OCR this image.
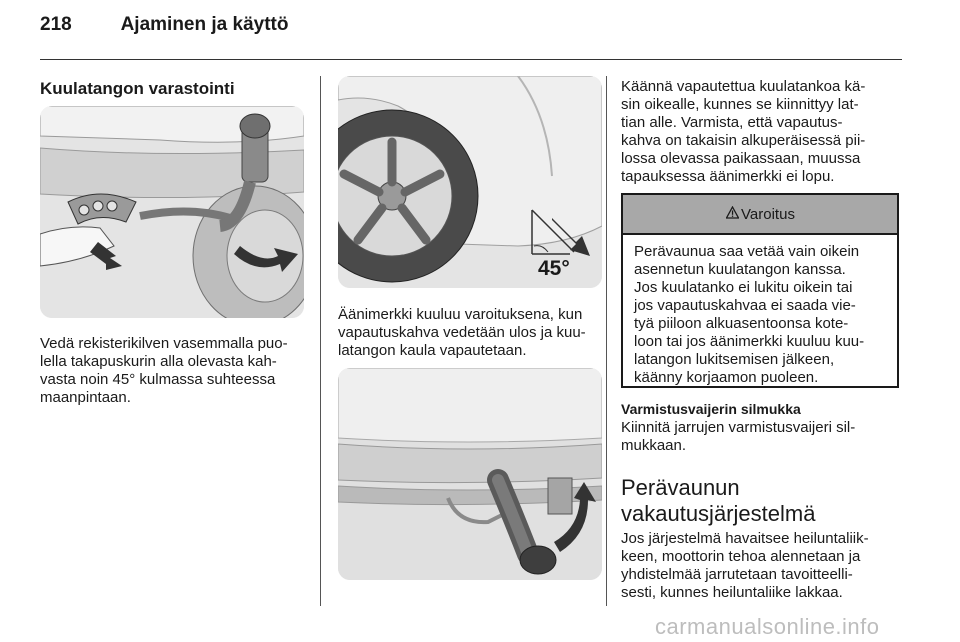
218	Ajaminen ja käyttö
Kuulatangon varastointi
Vedä rekisterikilven vasemmalla puo-
lella takapuskurin alla olevasta kah-
vasta noin 45° kulmassa suhteessa
maanpintaan.
45°
Äänimerkki kuuluu varoituksena, kun
vapautuskahva vedetään ulos ja kuu-
latangon kaula vapautetaan.
Käännä vapautettua kuulatankoa kä-
sin oikealle, kunnes se kiinnittyy lat-
tian alle. Varmista, että vapautus-
kahva on takaisin alkuperäisessä pii-
lossa olevassa paikassaan, muussa
tapauksessa äänimerkki ei lopu.
Varoitus
Perävaunua saa vetää vain oikein
asennetun kuulatangon kanssa.
Jos kuulatanko ei lukitu oikein tai
jos vapautuskahvaa ei saada vie-
tyä piiloon alkuasentoonsa kote-
loon tai jos äänimerkki kuuluu kuu-
latangon lukitsemisen jälkeen,
käänny korjaamon puoleen.
Varmistusvaijerin silmukka
Kiinnitä jarrujen varmistusvaijeri sil-
mukkaan.
Perävaunun
vakautusjärjestelmä
Jos järjestelmä havaitsee heiluntaliik-
keen, moottorin tehoa alennetaan ja
yhdistelmää jarrutetaan tavoitteelli-
sesti, kunnes heiluntaliike lakkaa.
carmanualsonline.info
